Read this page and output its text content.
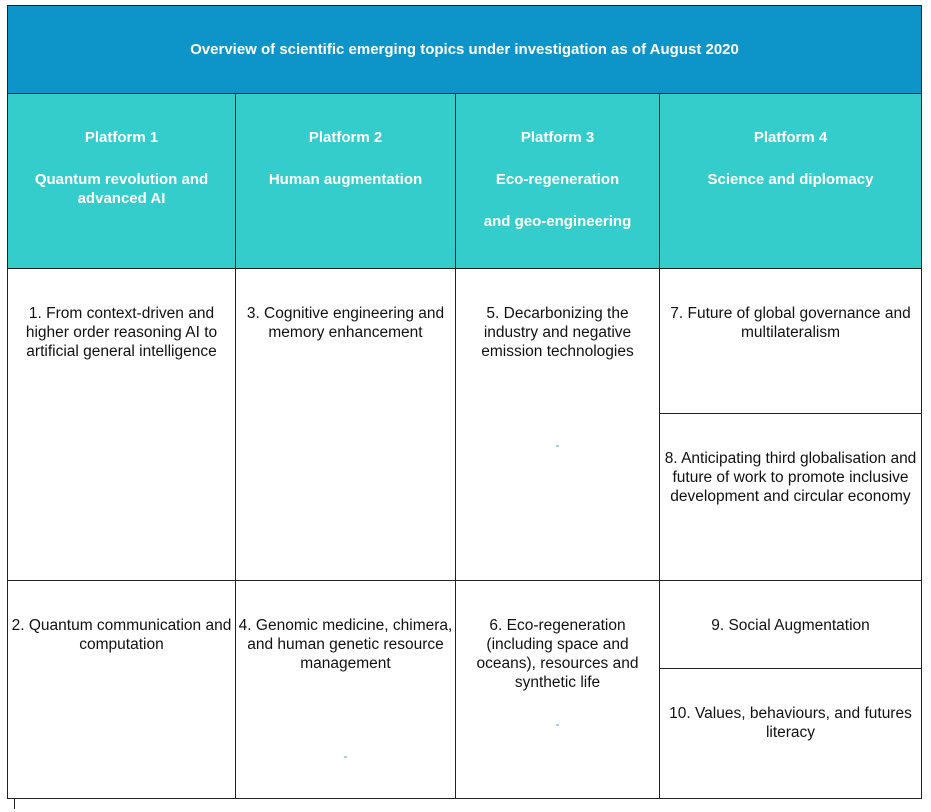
Overview of scientific emerging topics under investigation as of August 2020

Platform 1

Quantum revolution and

advanced AI

Platform 2

Human augmentation

Platform 3

Eco-regeneration

and geo-engineering

Platform 4

Science and diplomacy

1. From context-driven and higher order reasoning AI to artificial general intelligence
3. Cognitive engineering and memory enhancement
5. Decarbonizing the industry and negative emission technologies
-
7. Future of global governance and multilateralism
8. Anticipating third globalisation and future of work to promote inclusive development and circular economy
2. Quantum communication and computation
4. Genomic medicine, chimera, and human genetic resource management
-
6. Eco-regeneration (including space and oceans), resources and synthetic life
-
9. Social Augmentation
10. Values, behaviours, and futures literacy
